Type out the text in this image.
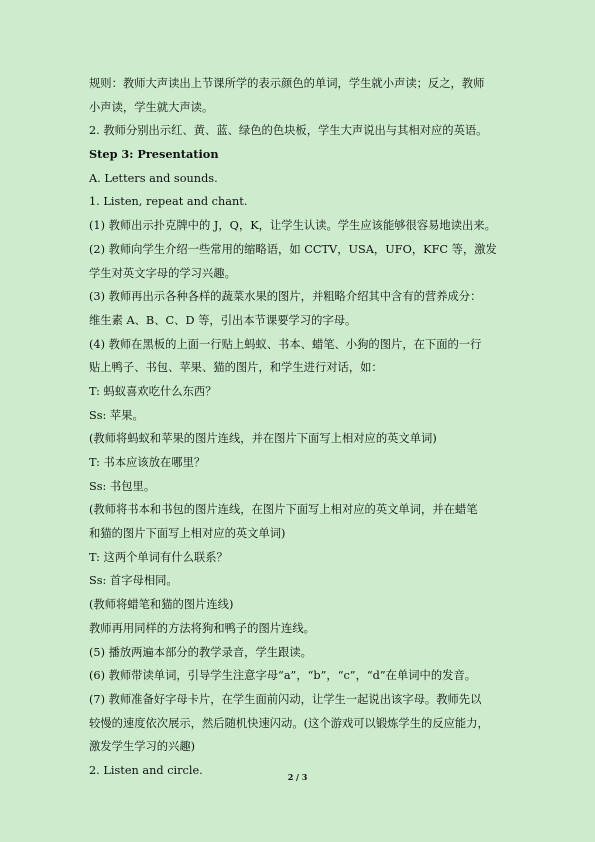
规则：教师大声读出上节课所学的表示颜色的单词，学生就小声读；反之，教师
小声读，学生就大声读。
2. 教师分别出示红、黄、蓝、绿色的色块板，学生大声说出与其相对应的英语。
Step 3: Presentation
A. Letters and sounds.
1. Listen, repeat and chant.
(1) 教师出示扑克牌中的 J，Q，K，让学生认读。学生应该能够很容易地读出来。
(2) 教师向学生介绍一些常用的缩略语，如 CCTV，USA，UFO，KFC 等，激发
学生对英文字母的学习兴趣。
(3) 教师再出示各种各样的蔬菜水果的图片，并粗略介绍其中含有的营养成分：
维生素 A、B、C、D 等，引出本节课要学习的字母。
(4) 教师在黑板的上面一行贴上蚂蚁、书本、蜡笔、小狗的图片，在下面的一行
贴上鸭子、书包、苹果、猫的图片，和学生进行对话，如：
T: 蚂蚁喜欢吃什么东西？
Ss: 苹果。
(教师将蚂蚁和苹果的图片连线，并在图片下面写上相对应的英文单词)
T: 书本应该放在哪里？
Ss: 书包里。
(教师将书本和书包的图片连线，在图片下面写上相对应的英文单词，并在蜡笔
和猫的图片下面写上相对应的英文单词)
T: 这两个单词有什么联系？
Ss: 首字母相同。
(教师将蜡笔和猫的图片连线)
教师再用同样的方法将狗和鸭子的图片连线。
(5) 播放两遍本部分的教学录音，学生跟读。
(6) 教师带读单词，引导学生注意字母“a”，“b”，“c”，“d”在单词中的发音。
(7) 教师准备好字母卡片，在学生面前闪动，让学生一起说出该字母。教师先以
较慢的速度依次展示，然后随机快速闪动。(这个游戏可以锻炼学生的反应能力，
激发学生学习的兴趣)
2. Listen and circle.
2 / 3
